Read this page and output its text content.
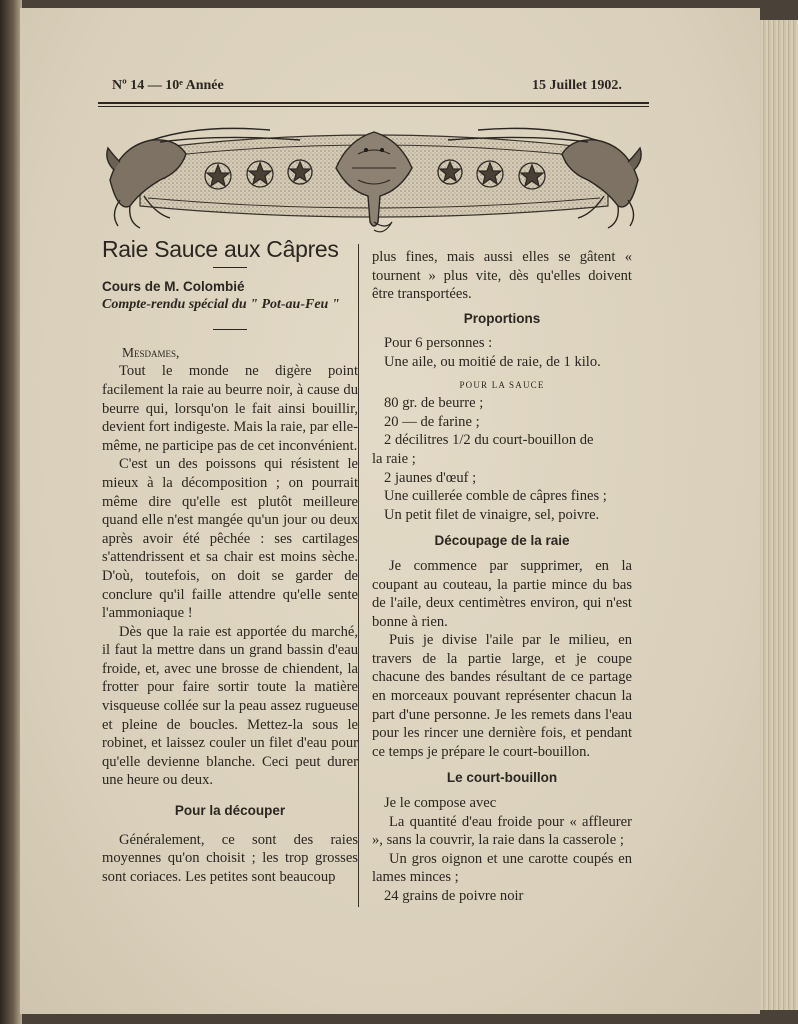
Nº 14 — 10ᵉ Année	15 Juillet 1902.

Raie Sauce aux Câpres

Cours de M. Colombié

Compte-rendu spécial du " Pot-au-Feu "

Mesdames,

Tout le monde ne digère point facilement la raie au beurre noir, à cause du beurre qui, lorsqu'on le fait ainsi bouillir, devient fort indigeste. Mais la raie, par elle-même, ne participe pas de cet inconvénient.

C'est un des poissons qui résistent le mieux à la décomposition ; on pourrait même dire qu'elle est plutôt meilleure quand elle n'est mangée qu'un jour ou deux après avoir été pêchée : ses cartilages s'attendrissent et sa chair est moins sèche. D'où, toutefois, on doit se garder de conclure qu'il faille attendre qu'elle sente l'ammoniaque !

Dès que la raie est apportée du marché, il faut la mettre dans un grand bassin d'eau froide, et, avec une brosse de chiendent, la frotter pour faire sortir toute la matière visqueuse collée sur la peau assez rugueuse et pleine de boucles. Mettez-la sous le robinet, et laissez couler un filet d'eau pour qu'elle devienne blanche. Ceci peut durer une heure ou deux.

Pour la découper

Généralement, ce sont des raies moyennes qu'on choisit ; les trop grosses sont coriaces. Les petites sont beaucoup

plus fines, mais aussi elles se gâtent « tournent » plus vite, dès qu'elles doivent être transportées.

Proportions

Pour 6 personnes :

Une aile, ou moitié de raie, de 1 kilo.

POUR LA SAUCE

80 gr. de beurre ;

20 — de farine ;

2 décilitres 1/2 du court-bouillon de

la raie ;

2 jaunes d'œuf ;

Une cuillerée comble de câpres fines ;

Un petit filet de vinaigre, sel, poivre.

Découpage de la raie

Je commence par supprimer, en la coupant au couteau, la partie mince du bas de l'aile, deux centimètres environ, qui n'est bonne à rien.

Puis je divise l'aile par le milieu, en travers de la partie large, et je coupe chacune des bandes résultant de ce partage en morceaux pouvant représenter chacun la part d'une personne. Je les remets dans l'eau pour les rincer une dernière fois, et pendant ce temps je prépare le court-bouillon.

Le court-bouillon

Je le compose avec

La quantité d'eau froide pour « affleurer », sans la couvrir, la raie dans la casserole ;

Un gros oignon et une carotte coupés en lames minces ;

24 grains de poivre noir
